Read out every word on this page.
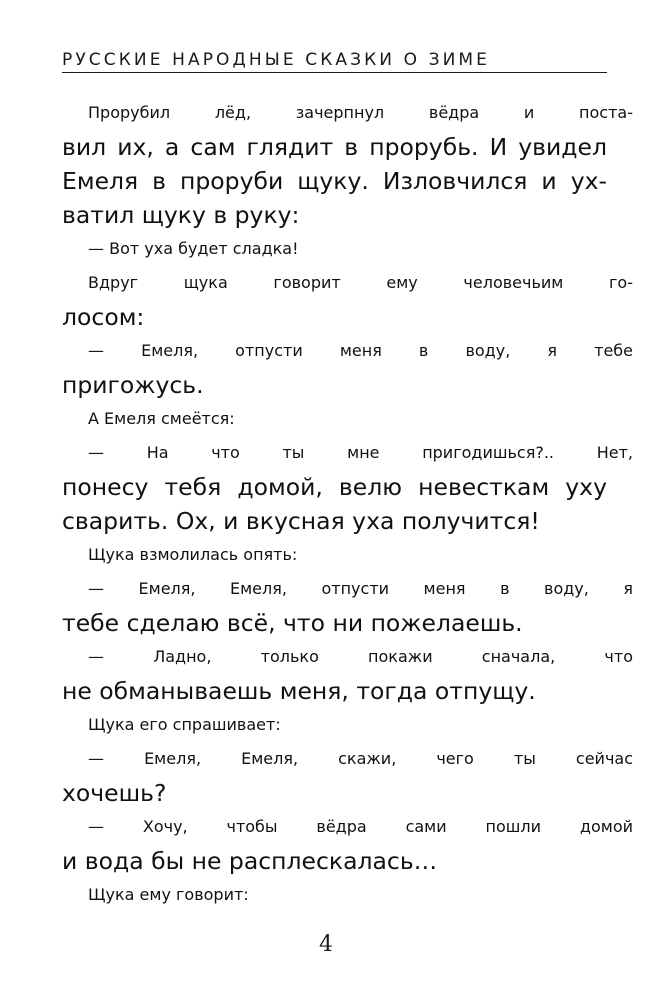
РУССКИЕ НАРОДНЫЕ СКАЗКИ О ЗИМЕ

Прорубил лёд, зачерпнул вёдра и поста-
вил их, а сам глядит в прорубь. И увидел
Емеля в проруби щуку. Изловчился и ух-
ватил щуку в руку:

— Вот уха будет сладка!

Вдруг щука говорит ему человечьим го-
лосом:

— Емеля, отпусти меня в воду, я тебе
пригожусь.

А Емеля смеётся:

— На что ты мне пригодишься?.. Нет,
понесу тебя домой, велю невесткам уху
сварить. Ох, и вкусная уха получится!

Щука взмолилась опять:

— Емеля, Емеля, отпусти меня в воду, я
тебе сделаю всё, что ни пожелаешь.

— Ладно, только покажи сначала, что
не обманываешь меня, тогда отпущу.

Щука его спрашивает:

— Емеля, Емеля, скажи, чего ты сейчас
хочешь?

— Хочу, чтобы вёдра сами пошли домой
и вода бы не расплескалась…

Щука ему говорит:

4
